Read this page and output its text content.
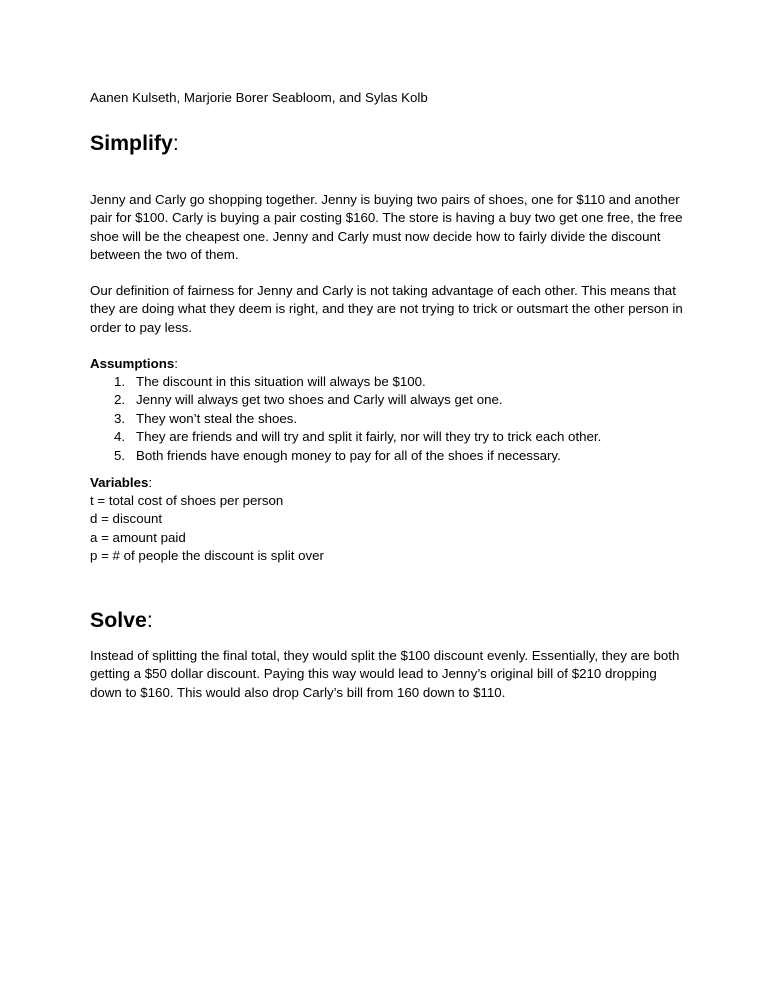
Aanen Kulseth, Marjorie Borer Seabloom, and Sylas Kolb

Simplify:

Jenny and Carly go shopping together. Jenny is buying two pairs of shoes, one for $110 and another pair for $100. Carly is buying a pair costing $160. The store is having a buy two get one free, the free shoe will be the cheapest one. Jenny and Carly must now decide how to fairly divide the discount between the two of them.

Our definition of fairness for Jenny and Carly is not taking advantage of each other. This means that they are doing what they deem is right, and they are not trying to trick or outsmart the other person in order to pay less.

Assumptions:

1. The discount in this situation will always be $100.
2. Jenny will always get two shoes and Carly will always get one.
3. They won’t steal the shoes.
4. They are friends and will try and split it fairly, nor will they try to trick each other.
5. Both friends have enough money to pay for all of the shoes if necessary.

Variables:

t = total cost of shoes per person
d = discount
a = amount paid
p = # of people the discount is split over
Solve:

Instead of splitting the final total, they would split the $100 discount evenly. Essentially, they are both getting a $50 dollar discount. Paying this way would lead to Jenny’s original bill of $210 dropping down to $160. This would also drop Carly’s bill from 160 down to $110.
